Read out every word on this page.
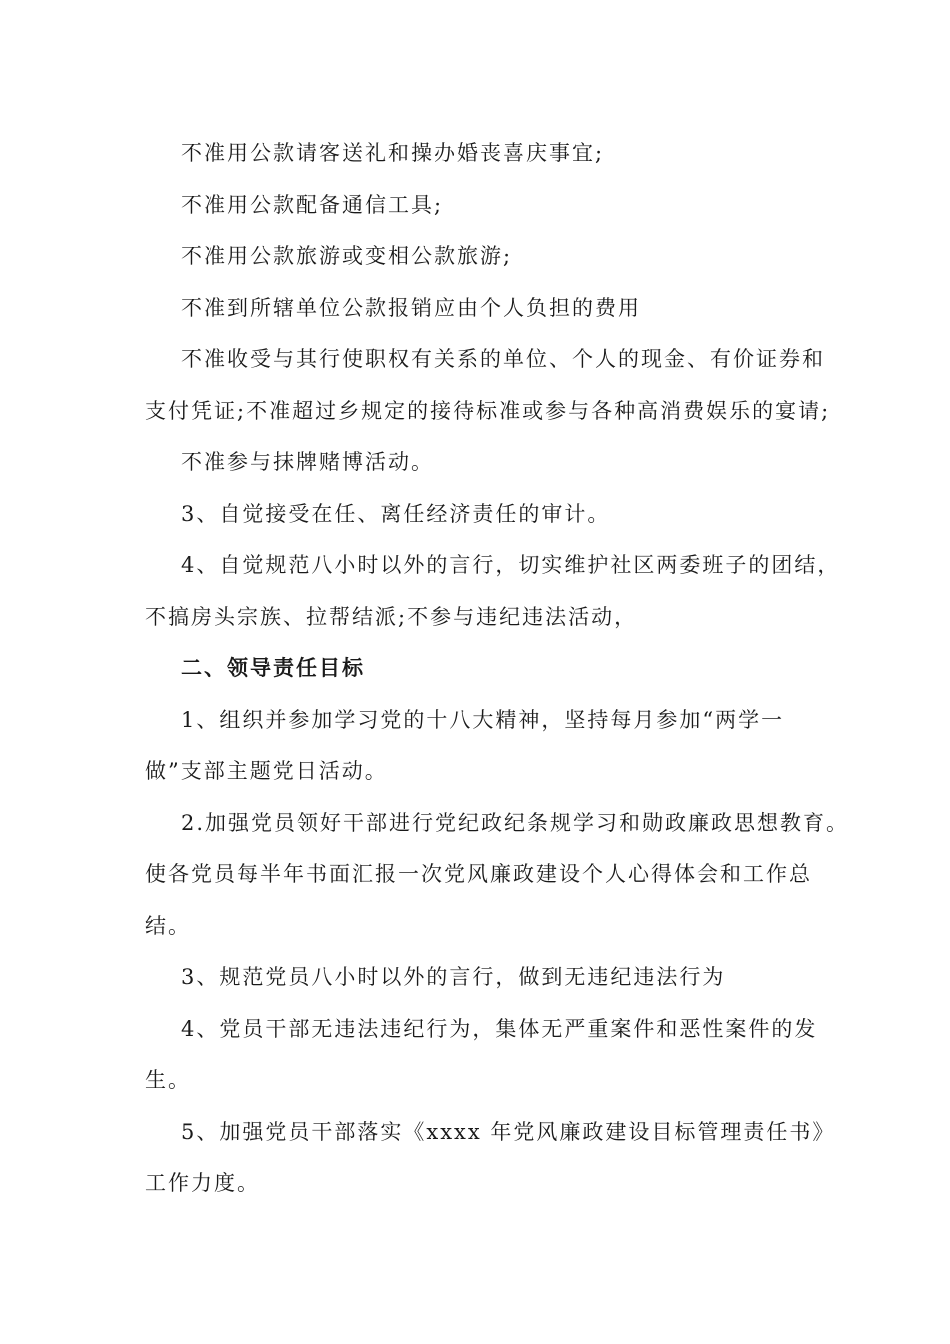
不准用公款请客送礼和操办婚丧喜庆事宜;

不准用公款配备通信工具;

不准用公款旅游或变相公款旅游;

不准到所辖单位公款报销应由个人负担的费用

不准收受与其行使职权有关系的单位、个人的现金、有价证券和

支付凭证;不准超过乡规定的接待标准或参与各种高消费娱乐的宴请;

不准参与抹牌赌博活动。

3、自觉接受在任、离任经济责任的审计。

4、自觉规范八小时以外的言行，切实维护社区两委班子的团结，

不搞房头宗族、拉帮结派;不参与违纪违法活动，

二、领导责任目标

1、组织并参加学习党的十八大精神，坚持每月参加“两学一

做”支部主题党日活动。

2.加强党员领好干部进行党纪政纪条规学习和勋政廉政思想教育。

使各党员每半年书面汇报一次党风廉政建设个人心得体会和工作总

结。

3、规范党员八小时以外的言行，做到无违纪违法行为

4、党员干部无违法违纪行为，集体无严重案件和恶性案件的发

生。

5、加强党员干部落实《xxxx 年党风廉政建设目标管理责任书》

工作力度。
